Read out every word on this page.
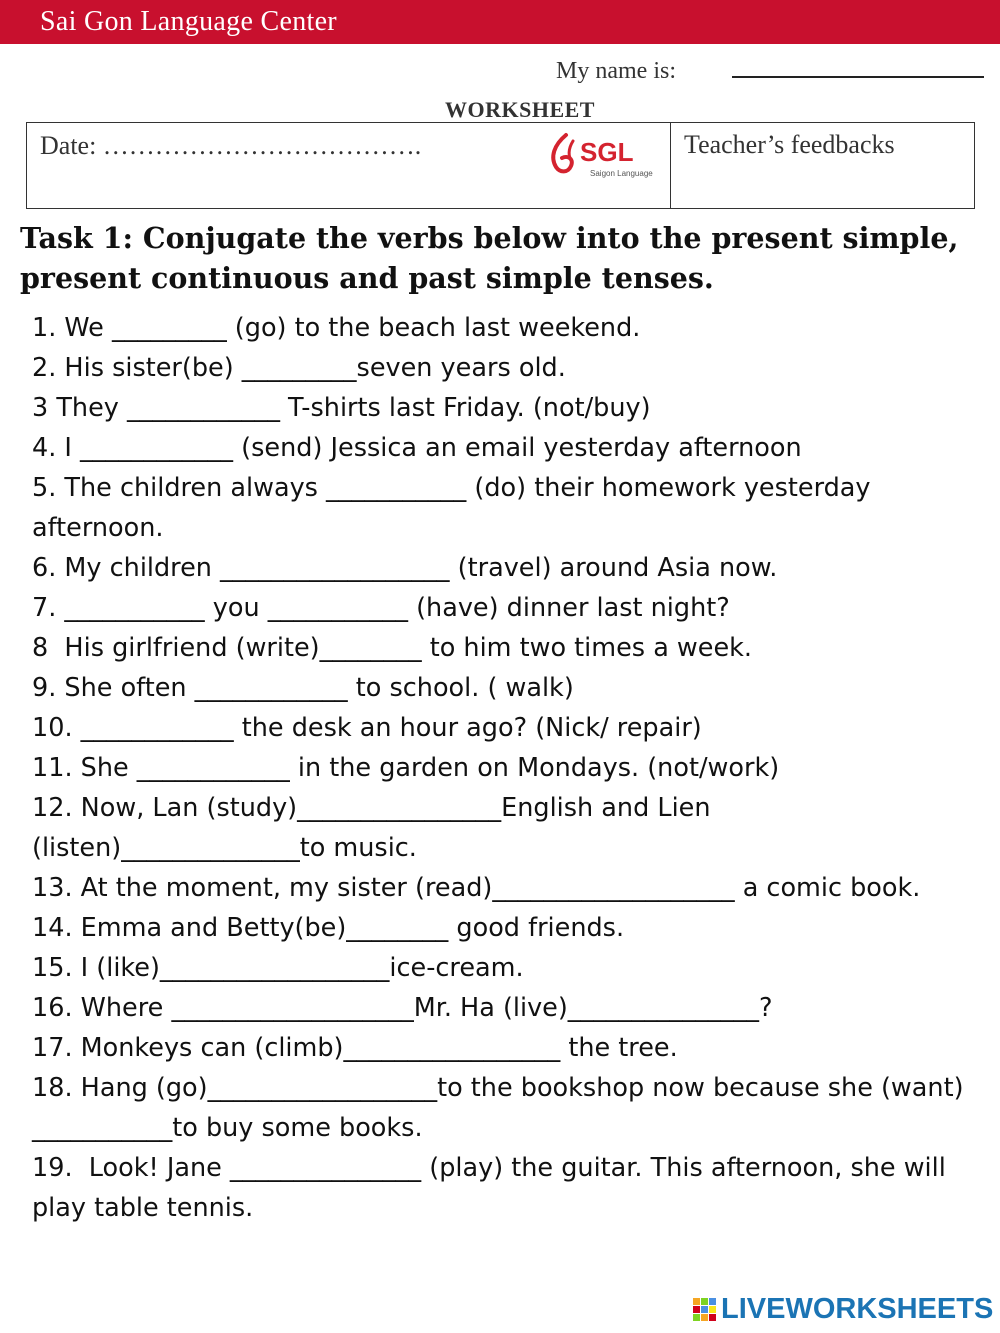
Sai Gon Language Center
My name is:
WORKSHEET
Date: ……………………………….	SGL
Saigon Language
Teacher’s feedbacks
Task 1: Conjugate the verbs below into the present simple, present continuous and past simple tenses.

1. We _________ (go) to the beach last weekend.

2. His sister(be) _________seven years old.

3 They ____________ T-shirts last Friday. (not/buy)

4. I ____________ (send) Jessica an email yesterday afternoon

5. The children always ___________ (do) their homework yesterday afternoon.

6. My children __________________ (travel) around Asia now.

7. ___________ you ___________ (have) dinner last night?

8  His girlfriend (write)________ to him two times a week.

9. She often ____________ to school. ( walk)

10. ____________ the desk an hour ago? (Nick/ repair)

11. She ____________ in the garden on Mondays. (not/work)

12. Now, Lan (study)________________English and Lien (listen)______________to music.

13. At the moment, my sister (read)___________________ a comic book.

14. Emma and Betty(be)________ good friends.

15. I (like)__________________ice-cream.

16. Where ___________________Mr. Ha (live)_______________?

17. Monkeys can (climb)_________________ the tree.

18. Hang (go)__________________to the bookshop now because she (want) ___________to buy some books.

19.  Look! Jane _______________ (play) the guitar. This afternoon, she will play table tennis.

LIVEWORKSHEETS
